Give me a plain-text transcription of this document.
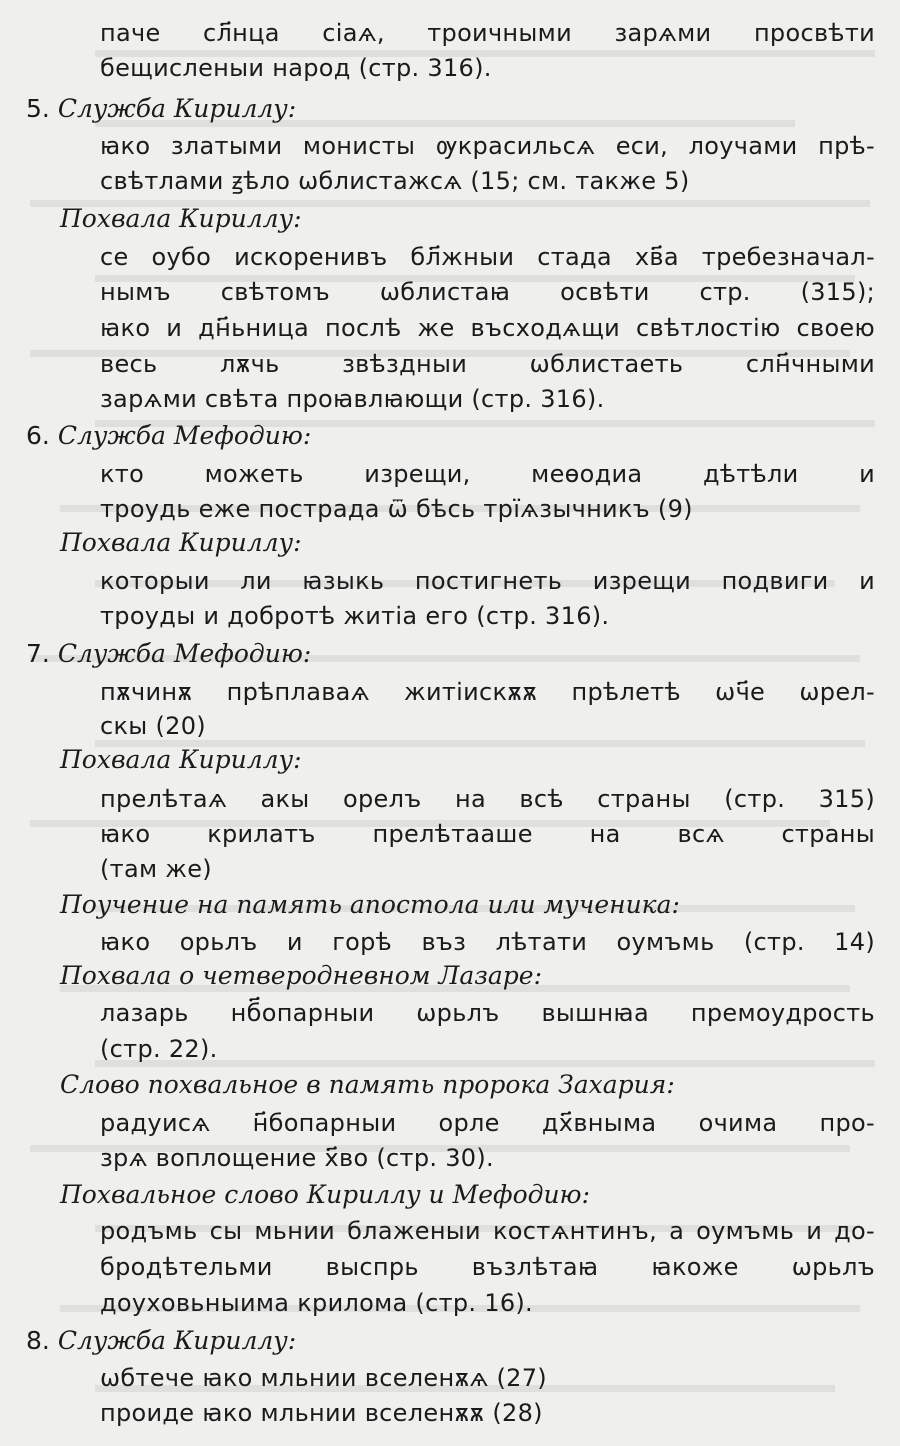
паче сл҃нца сіаѧ, троичными зарѧми просвѣти
бещисленыи народ (стр. 316).
5. Служба Кириллу:
ꙗко златыми монисты ѹкрасильсѧ еси, лоучами прѣ-
свѣтлами ꙃѣло ѡблистажсѧ (15; см. также 5)
Похвала Кириллу:
се оубо искоренивъ бл҃жныи стада хв҃а требезначал-
нымъ свѣтомъ ѡблистаꙗ освѣти стр. (315);
ꙗко и дн҃ьница послѣ же въсходѧщи свѣтлостію своею
весь лѫчь звѣздныи ѡблистаеть слн҃чными
зарѧми свѣта проꙗвлꙗющи (стр. 316).
6. Служба Мефодию:
кто можеть изрещи, меѳодиа дѣтѣли и
троудь еже пострада ѿ бѣсь трїѧзычникъ (9)
Похвала Кириллу:
которыи ли ꙗзыкь постигнеть изрещи подвиги и
троуды и добротѣ житіа его (стр. 316).
7. Служба Мефодию:
пѫчинѫ прѣплаваѧ житіискѫѫ прѣлетѣ ѡч҃е ѡрел-
скы (20)
Похвала Кириллу:
прелѣтаѧ акы орелъ на всѣ страны (стр. 315)
ꙗко крилатъ прелѣтааше на всѧ страны
(там же)
Поучение на память апостола или мученика:
ꙗко орьлъ и горѣ въз лѣтати оумъмь (стр. 14)
Похвала о четверодневном Лазаре:
лазарь нб҃опарныи ѡрьлъ вышнꙗа премоудрость
(стр. 22).
Слово похвальное в память пророка Захария:
радуисѧ н҃бопарныи орле дх҃вныма очима про-
зрѧ воплощение х҃во (стр. 30).
Похвальное слово Кириллу и Мефодию:
родъмь сы мьнии блаженыи костѧнтинъ, а оумъмь и до-
бродѣтельми выспрь възлѣтаꙗ ꙗкоже ѡрьлъ
доуховьныима крилома (стр. 16).
8. Служба Кириллу:
ѡбтече ꙗко мльнии вселенѫѧ (27)
проиде ꙗко мльнии вселенѫѫ (28)
